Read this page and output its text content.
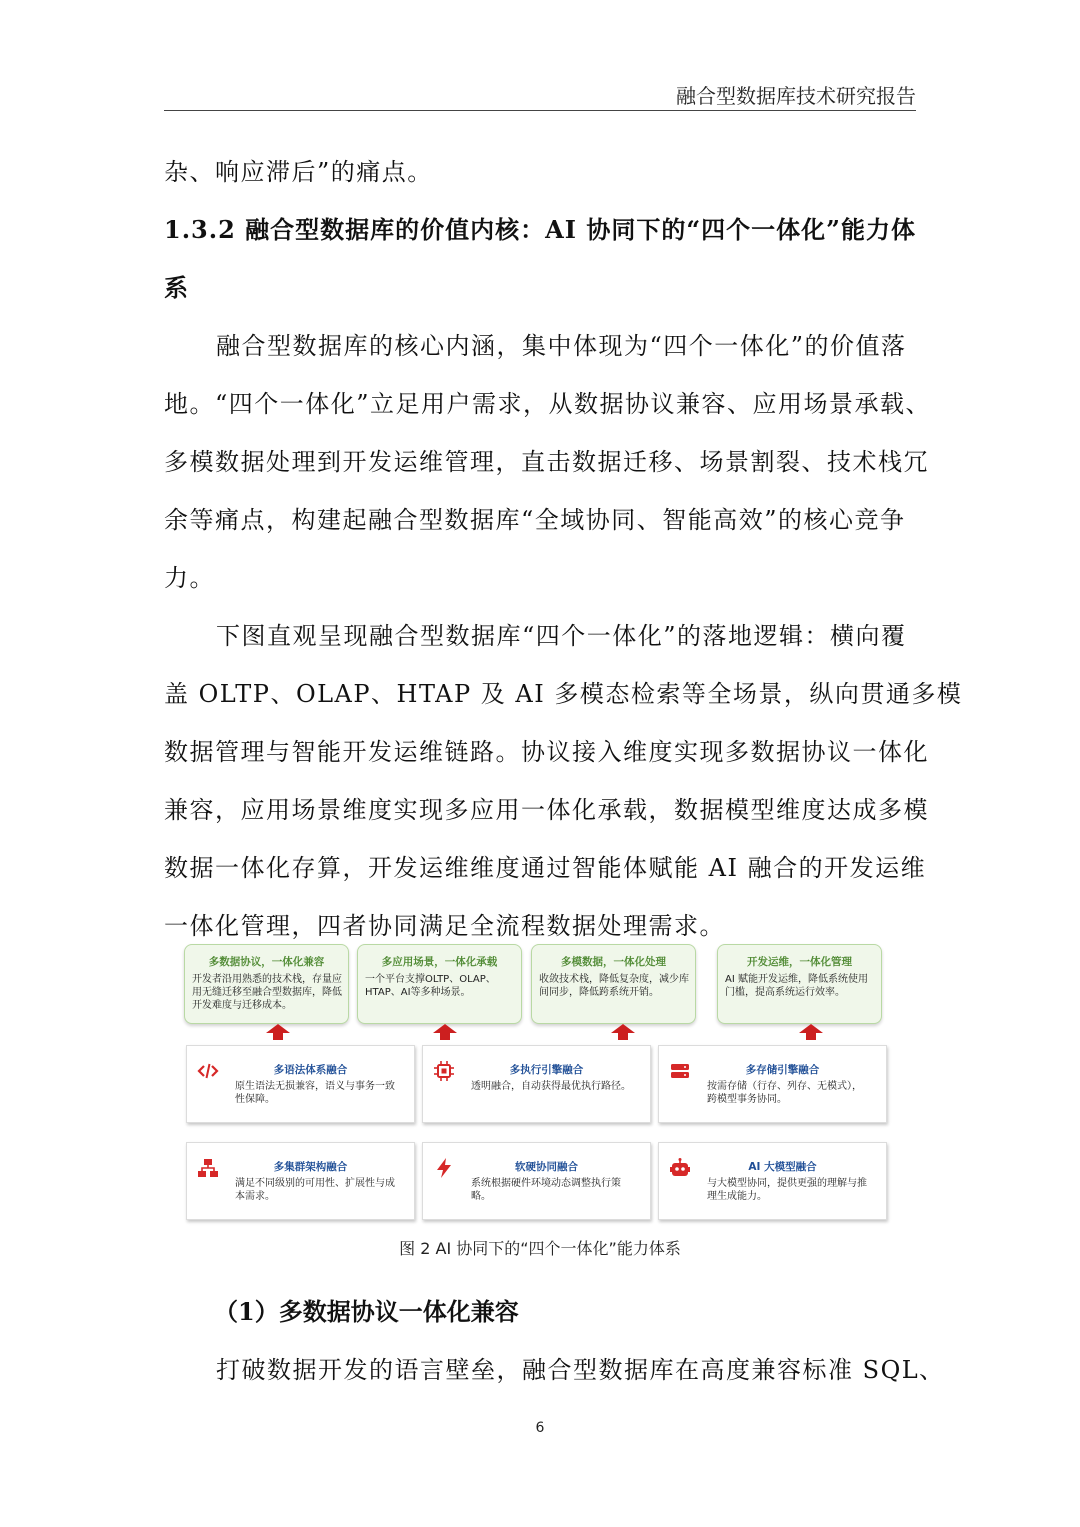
融合型数据库技术研究报告
杂、响应滞后”的痛点。
1.3.2 融合型数据库的价值内核：AI 协同下的“四个一体化”能力体
系
融合型数据库的核心内涵，集中体现为“四个一体化”的价值落
地。“四个一体化”立足用户需求，从数据协议兼容、应用场景承载、
多模数据处理到开发运维管理，直击数据迁移、场景割裂、技术栈冗
余等痛点，构建起融合型数据库“全域协同、智能高效”的核心竞争
力。
下图直观呈现融合型数据库“四个一体化”的落地逻辑：横向覆
盖 OLTP、OLAP、HTAP 及 AI 多模态检索等全场景，纵向贯通多模
数据管理与智能开发运维链路。协议接入维度实现多数据协议一体化
兼容，应用场景维度实现多应用一体化承载，数据模型维度达成多模
数据一体化存算，开发运维维度通过智能体赋能 AI 融合的开发运维
一体化管理，四者协同满足全流程数据处理需求。
多数据协议，一体化兼容
开发者沿用熟悉的技术栈，存量应用无缝迁移至融合型数据库，降低开发难度与迁移成本。
多应用场景，一体化承载
一个平台支撑OLTP、OLAP、HTAP、AI等多种场景。
多模数据，一体化处理
收敛技术栈，降低复杂度，减少库间同步，降低跨系统开销。
开发运维，一体化管理
AI 赋能开发运维，降低系统使用门槛，提高系统运行效率。
多语法体系融合
原生语法无损兼容，语义与事务一致性保障。
多执行引擎融合
透明融合，自动获得最优执行路径。
多存储引擎融合
按需存储（行存、列存、无模式），跨模型事务协同。
多集群架构融合
满足不同级别的可用性、扩展性与成本需求。
软硬协同融合
系统根据硬件环境动态调整执行策略。
AI 大模型融合
与大模型协同，提供更强的理解与推理生成能力。
图 2 AI 协同下的“四个一体化”能力体系
（1）多数据协议一体化兼容
打破数据开发的语言壁垒，融合型数据库在高度兼容标准 SQL、
6
